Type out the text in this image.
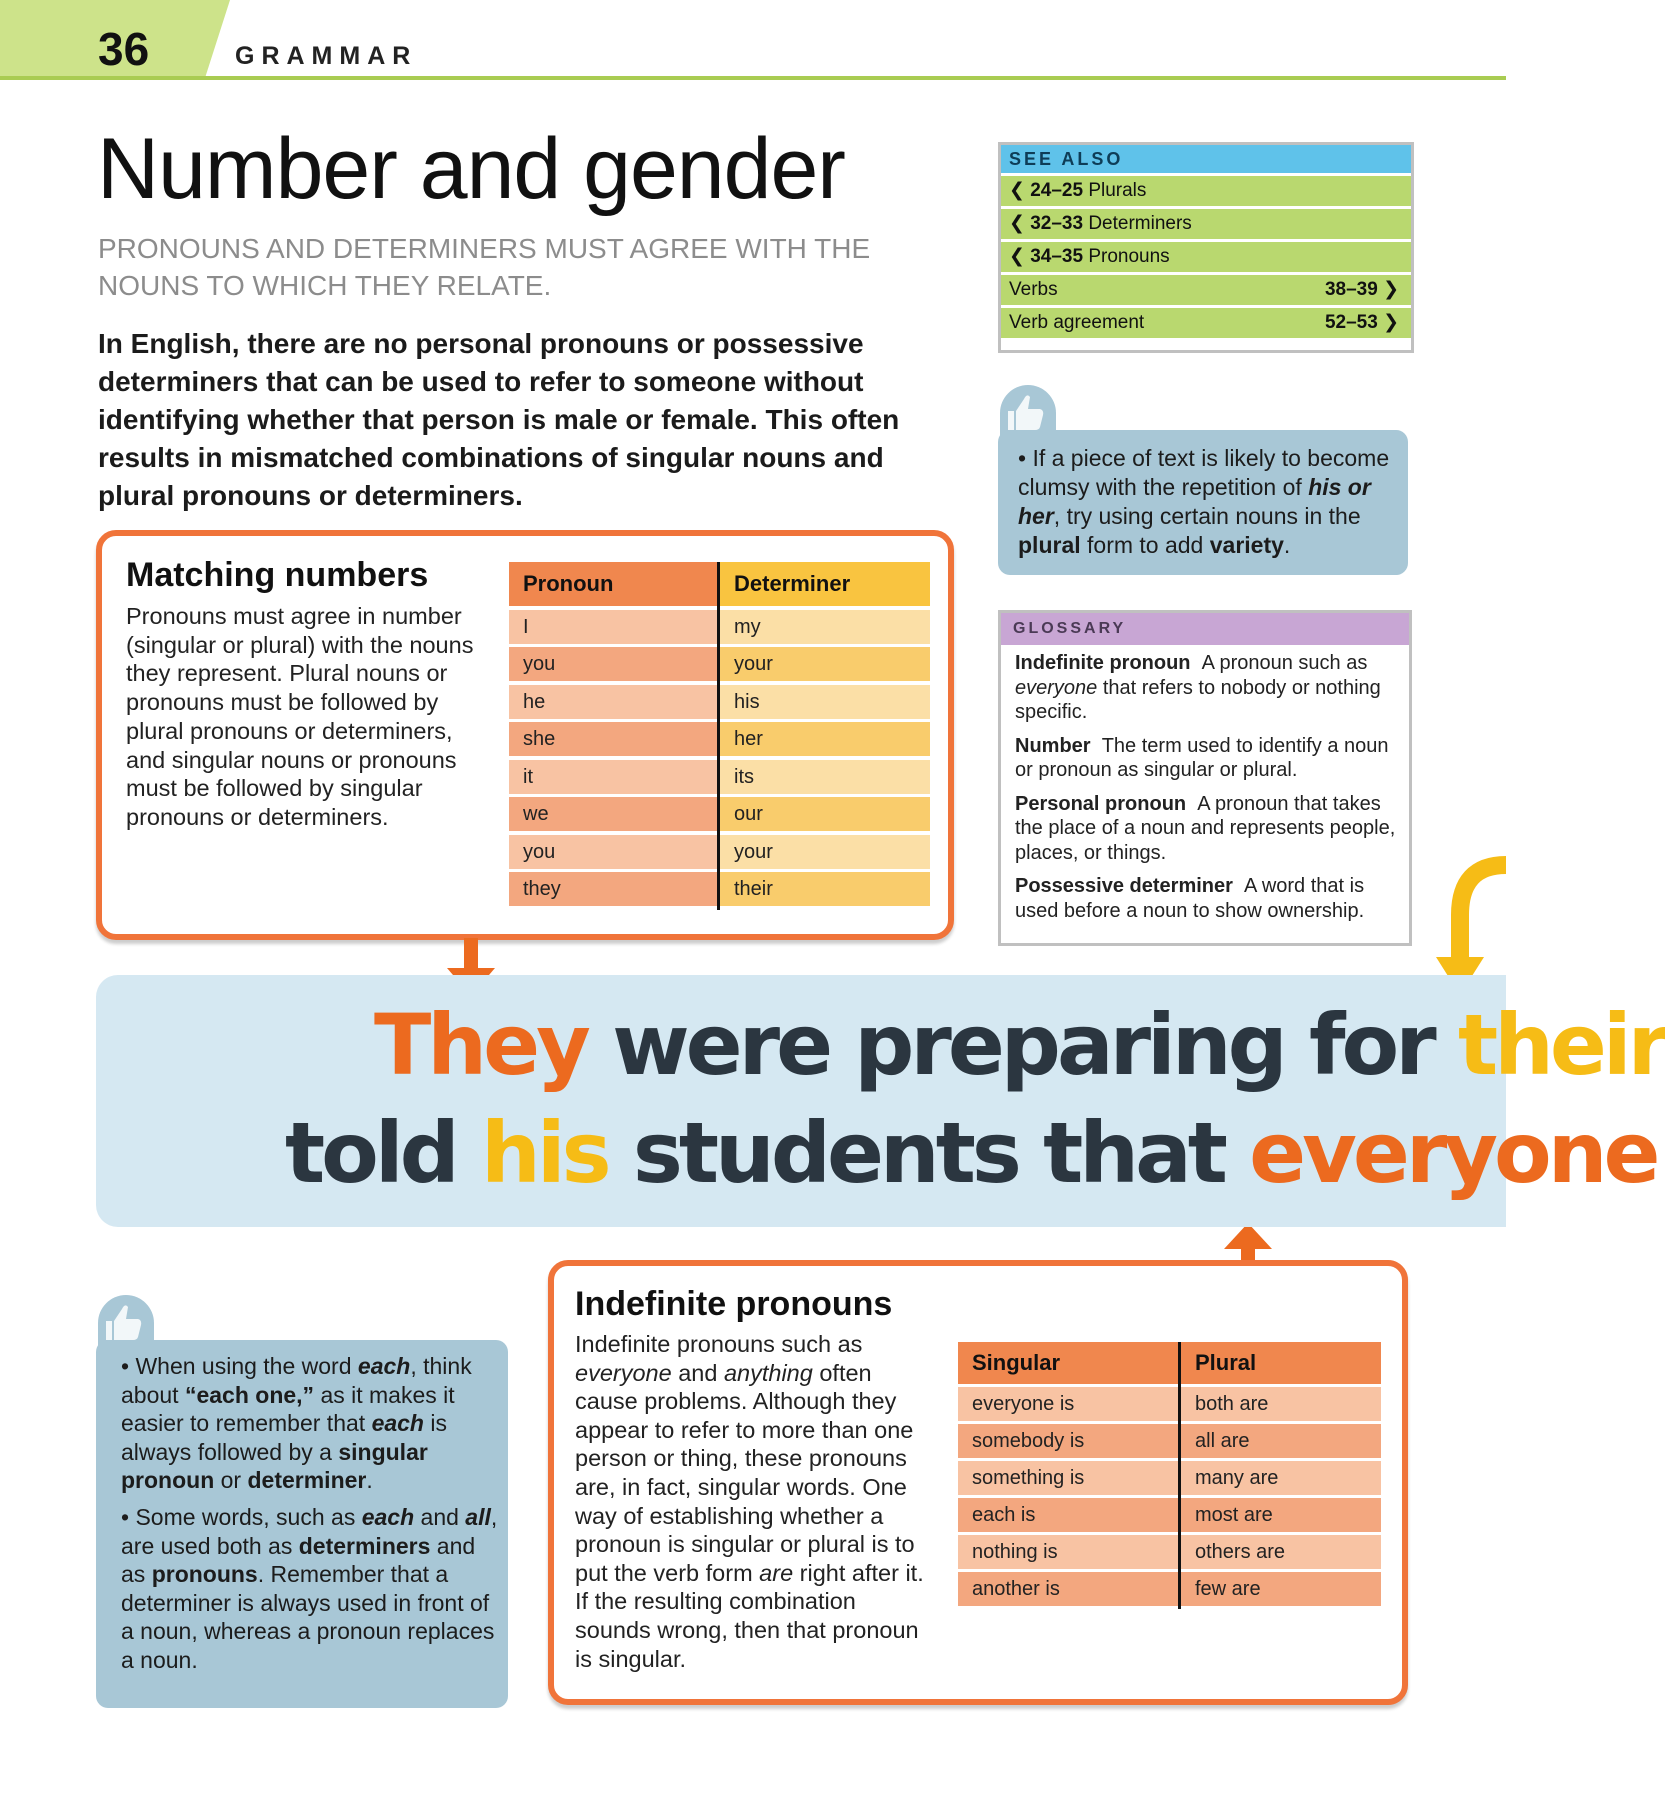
36	GRAMMAR
Number and gender
PRONOUNS AND DETERMINERS MUST AGREE WITH THE NOUNS TO WHICH THEY RELATE.
In English, there are no personal pronouns or possessive determiners that can be used to refer to someone without identifying whether that person is male or female. This often results in mismatched combinations of singular nouns and plural pronouns or determiners.
SEE ALSO
❮ 24–25 Plurals
❮ 32–33 Determiners
❮ 34–35 Pronouns
Verbs	38–39 ❯
Verb agreement	52–53 ❯
• If a piece of text is likely to become clumsy with the repetition of his or her, try using certain nouns in the plural form to add variety.
GLOSSARY

Indefinite pronoun A pronoun such as everyone that refers to nobody or nothing specific.

Number The term used to identify a noun or pronoun as singular or plural.

Personal pronoun A pronoun that takes the place of a noun and represents people, places, or things.

Possessive determiner A word that is used before a noun to show ownership.

Matching numbers
Pronouns must agree in number (singular or plural) with the nouns they represent. Plural nouns or pronouns must be followed by plural pronouns or determiners, and singular nouns or pronouns must be followed by singular pronouns or determiners.
Pronoun	Determiner
I	my
you	your
he	his
she	her
it	its
we	our
you	your
they	their
They were preparing for their
told his students that everyone
• When using the word each, think about “each one,” as it makes it easier to remember that each is always followed by a singular pronoun or determiner.
• Some words, such as each and all, are used both as determiners and as pronouns. Remember that a determiner is always used in front of a noun, whereas a pronoun replaces a noun.
Indefinite pronouns
Indefinite pronouns such as everyone and anything often cause problems. Although they appear to refer to more than one person or thing, these pronouns are, in fact, singular words. One way of establishing whether a pronoun is singular or plural is to put the verb form are right after it. If the resulting combination sounds wrong, then that pronoun is singular.
Singular	Plural
everyone is	both are
somebody is	all are
something is	many are
each is	most are
nothing is	others are
another is	few are
